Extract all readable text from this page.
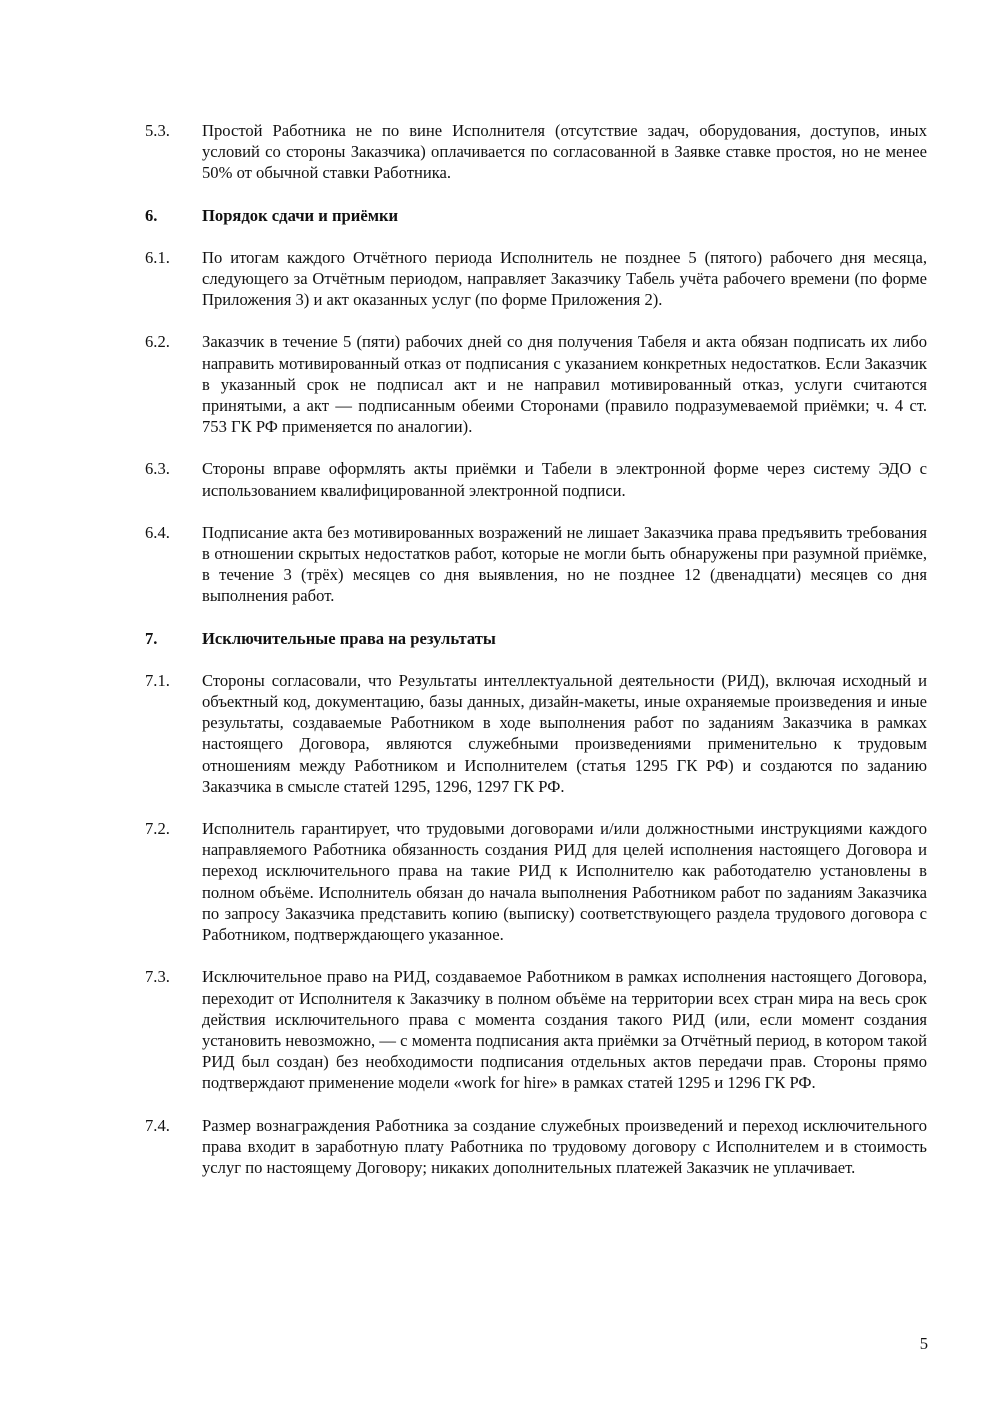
5.3.	Простой Работника не по вине Исполнителя (отсутствие задач, оборудования, доступов, иных условий со стороны Заказчика) оплачивается по согласованной в Заявке ставке простоя, но не менее 50% от обычной ставки Работника.
6.	Порядок сдачи и приёмки
6.1.	По итогам каждого Отчётного периода Исполнитель не позднее 5 (пятого) рабочего дня месяца, следующего за Отчётным периодом, направляет Заказчику Табель учёта рабочего времени (по форме Приложения 3) и акт оказанных услуг (по форме Приложения 2).
6.2.	Заказчик в течение 5 (пяти) рабочих дней со дня получения Табеля и акта обязан подписать их либо направить мотивированный отказ от подписания с указанием конкретных недостатков. Если Заказчик в указанный срок не подписал акт и не направил мотивированный отказ, услуги считаются принятыми, а акт — подписанным обеими Сторонами (правило подразумеваемой приёмки; ч. 4 ст. 753 ГК РФ применяется по аналогии).
6.3.	Стороны вправе оформлять акты приёмки и Табели в электронной форме через систему ЭДО с использованием квалифицированной электронной подписи.
6.4.	Подписание акта без мотивированных возражений не лишает Заказчика права предъявить требования в отношении скрытых недостатков работ, которые не могли быть обнаружены при разумной приёмке, в течение 3 (трёх) месяцев со дня выявления, но не позднее 12 (двенадцати) месяцев со дня выполнения работ.
7.	Исключительные права на результаты
7.1.	Стороны согласовали, что Результаты интеллектуальной деятельности (РИД), включая исходный и объектный код, документацию, базы данных, дизайн-макеты, иные охраняемые произведения и иные результаты, создаваемые Работником в ходе выполнения работ по заданиям Заказчика в рамках настоящего Договора, являются служебными произведениями применительно к трудовым отношениям между Работником и Исполнителем (статья 1295 ГК РФ) и создаются по заданию Заказчика в смысле статей 1295, 1296, 1297 ГК РФ.
7.2.	Исполнитель гарантирует, что трудовыми договорами и/или должностными инструкциями каждого направляемого Работника обязанность создания РИД для целей исполнения настоящего Договора и переход исключительного права на такие РИД к Исполнителю как работодателю установлены в полном объёме. Исполнитель обязан до начала выполнения Работником работ по заданиям Заказчика по запросу Заказчика представить копию (выписку) соответствующего раздела трудового договора с Работником, подтверждающего указанное.
7.3.	Исключительное право на РИД, создаваемое Работником в рамках исполнения настоящего Договора, переходит от Исполнителя к Заказчику в полном объёме на территории всех стран мира на весь срок действия исключительного права с момента создания такого РИД (или, если момент создания установить невозможно, — с момента подписания акта приёмки за Отчётный период, в котором такой РИД был создан) без необходимости подписания отдельных актов передачи прав. Стороны прямо подтверждают применение модели «work for hire» в рамках статей 1295 и 1296 ГК РФ.
7.4.	Размер вознаграждения Работника за создание служебных произведений и переход исключительного права входит в заработную плату Работника по трудовому договору с Исполнителем и в стоимость услуг по настоящему Договору; никаких дополнительных платежей Заказчик не уплачивает.
5
